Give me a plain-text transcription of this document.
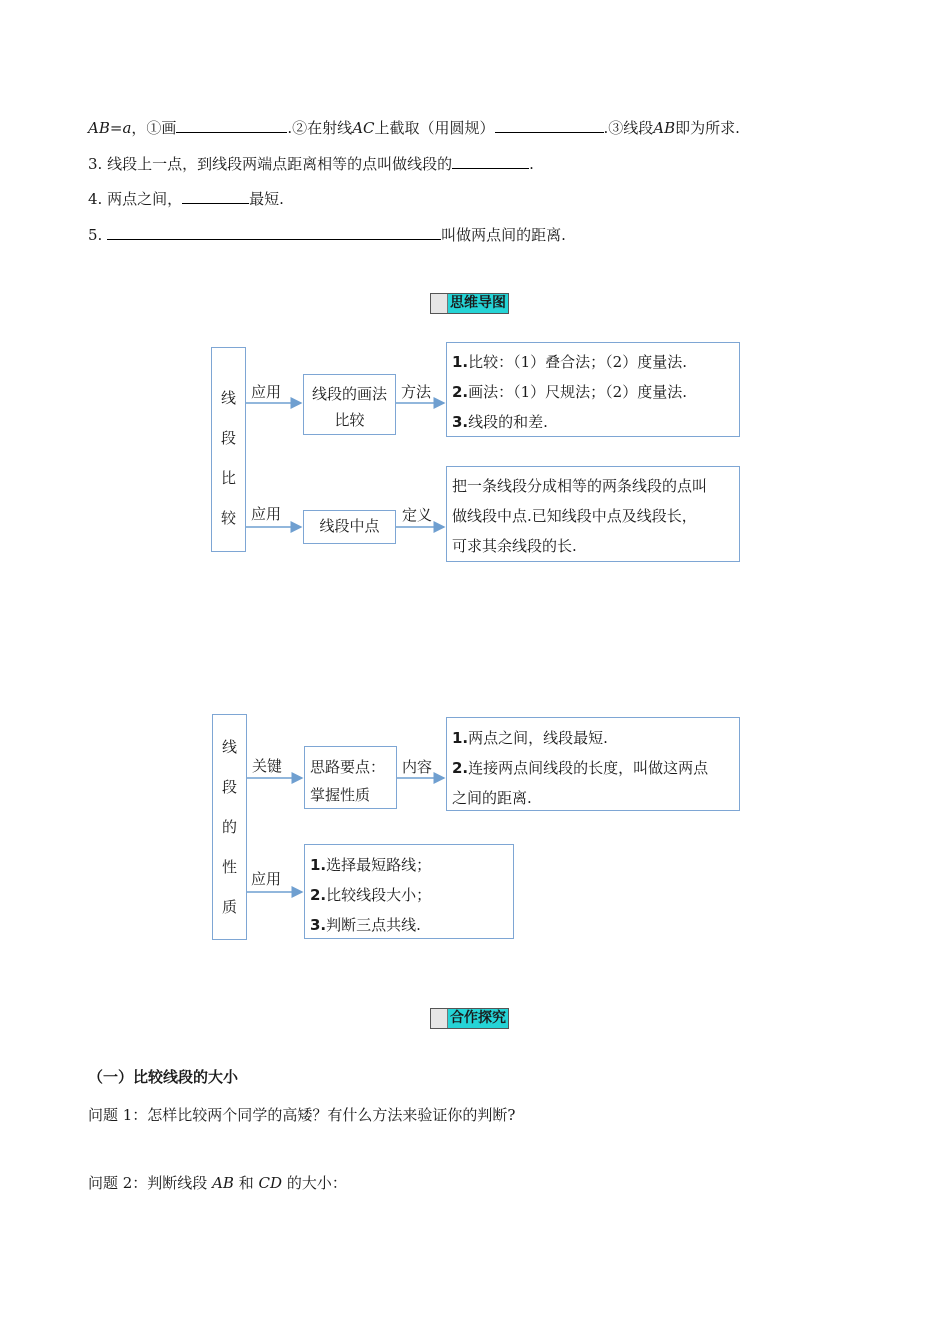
AB=a，①画	.②在射线AC上截取（用圆规）	.③线段AB即为所求.
3. 线段上一点，到线段两端点距离相等的点叫做线段的	.
4. 两点之间，	最短.
5.	叫做两点间的距离.
思维导图
线
段
比
较
应用	线段的画法
比较
方法
1.比较：（1）叠合法；（2）度量法.
2.画法：（1）尺规法；（2）度量法.
3.线段的和差.
应用
线段中点
定义
把一条线段分成相等的两条线段的点叫
做线段中点.已知线段中点及线段长，
可求其余线段的长.
线
段
的
性
质
关键	思路要点：
掌握性质
内容
1.两点之间，线段最短.
2.连接两点间线段的长度，叫做这两点
之间的距离.
应用
1.选择最短路线；
2.比较线段大小；
3.判断三点共线.
合作探究
（一）比较线段的大小
问题 1：怎样比较两个同学的高矮？有什么方法来验证你的判断?
问题 2：判断线段 AB 和 CD 的大小：
